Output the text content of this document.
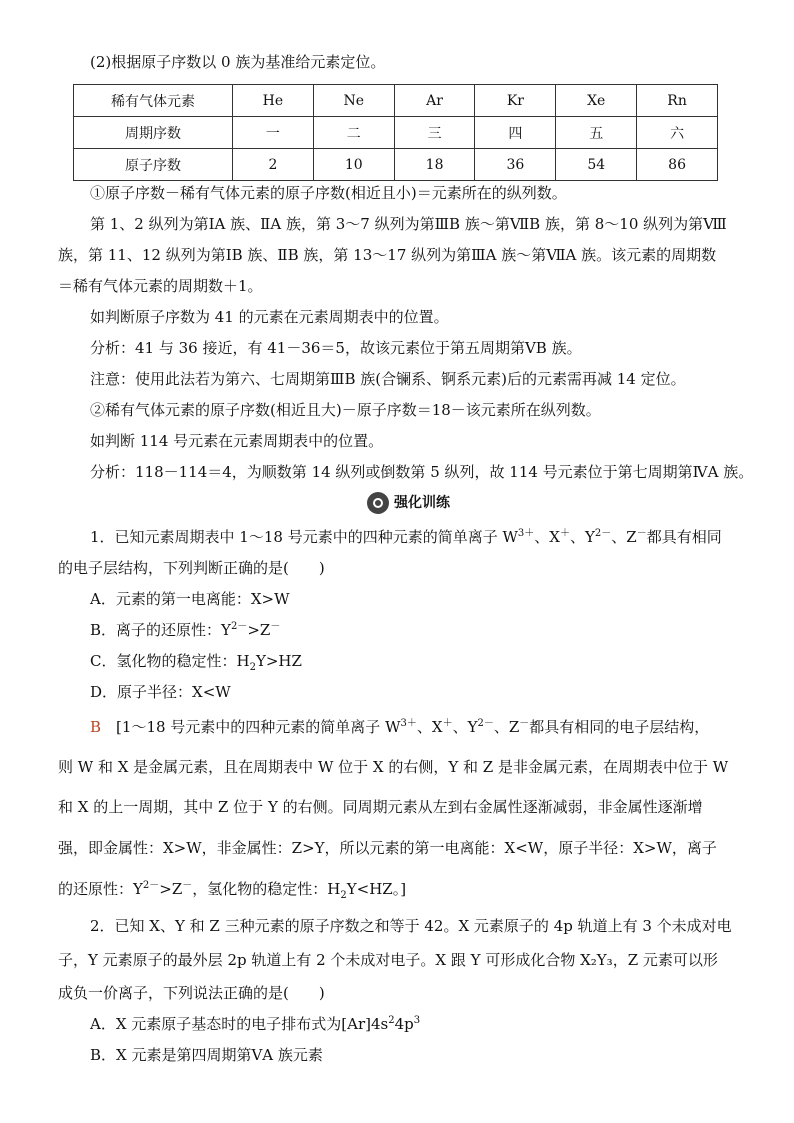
(2)根据原子序数以 0 族为基准给元素定位。
稀有气体元素	He	Ne	Ar	Kr	Xe	Rn
周期序数	一	二	三	四	五	六
原子序数	2	10	18	36	54	86
①原子序数－稀有气体元素的原子序数(相近且小)＝元素所在的纵列数。
第 1、2 纵列为第ⅠA 族、ⅡA 族，第 3～7 纵列为第ⅢB 族～第ⅦB 族，第 8～10 纵列为第Ⅷ
族，第 11、12 纵列为第ⅠB 族、ⅡB 族，第 13～17 纵列为第ⅢA 族～第ⅦA 族。该元素的周期数
＝稀有气体元素的周期数＋1。
如判断原子序数为 41 的元素在元素周期表中的位置。
分析：41 与 36 接近，有 41－36＝5，故该元素位于第五周期第ⅤB 族。
注意：使用此法若为第六、七周期第ⅢB 族(合镧系、锕系元素)后的元素需再减 14 定位。
②稀有气体元素的原子序数(相近且大)－原子序数＝18－该元素所在纵列数。
如判断 114 号元素在元素周期表中的位置。
分析：118－114＝4，为顺数第 14 纵列或倒数第 5 纵列，故 114 号元素位于第七周期第ⅣA 族。
强化训练
1．已知元素周期表中 1～18 号元素中的四种元素的简单离子 $W^{3+}$、X＋、$Y^{2-}$、Z－都具有相同
的电子层结构，下列判断正确的是(　　)
A．元素的第一电离能：X>W
B．离子的还原性：$Y^{2-}>Z^-$
C．氢化物的稳定性：$H_2Y>HZ$
D．原子半径：X<W
B　 [1～18 号元素中的四种元素的简单离子 $W^{3+}$、X＋、$Y^{2-}$、Z－都具有相同的电子层结构，
则 W 和 X 是金属元素，且在周期表中 W 位于 X 的右侧，Y 和 Z 是非金属元素，在周期表中位于 W
和 X 的上一周期，其中 Z 位于 Y 的右侧。同周期元素从左到右金属性逐渐减弱，非金属性逐渐增
强，即金属性：X>W，非金属性：Z>Y，所以元素的第一电离能：X<W，原子半径：X>W，离子
的还原性：$Y^{2-}>Z^-$，氢化物的稳定性：$H_2Y<HZ$。]
2．已知 X、Y 和 Z 三种元素的原子序数之和等于 42。X 元素原子的 4p 轨道上有 3 个未成对电
子，Y 元素原子的最外层 2p 轨道上有 2 个未成对电子。X 跟 Y 可形成化合物 X₂Y₃，Z 元素可以形
成负一价离子，下列说法正确的是(　　)
A．X 元素原子基态时的电子排布式为$[Ar]4s^24p^3$
B．X 元素是第四周期第ⅤA 族元素
